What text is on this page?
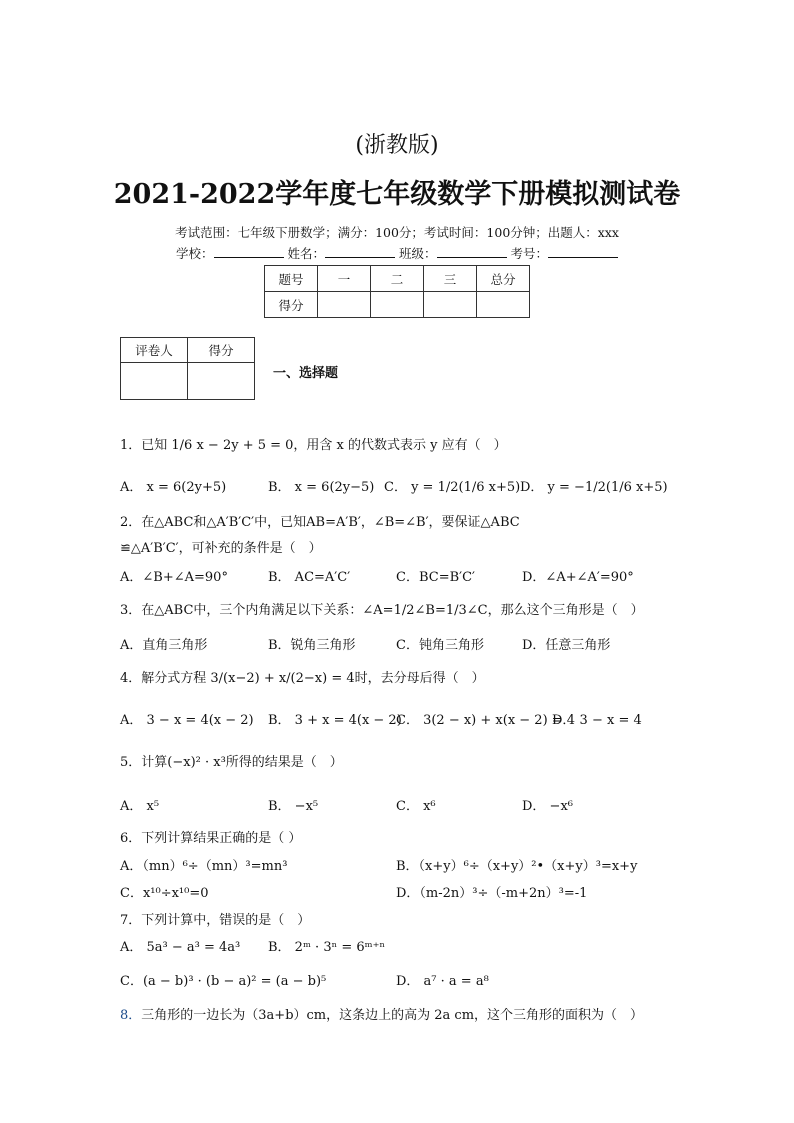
(浙教版)
2021-2022学年度七年级数学下册模拟测试卷
考试范围：七年级下册数学；满分：100分；考试时间：100分钟；出题人：xxx
学校：	姓名：	班级：	考号：
题号	一	二	三	总分
得分				
评卷人	得分

一、选择题
1．已知 1/6 x − 2y + 5 = 0，用含 x 的代数式表示 y 应有（　）
A． x = 6(2y+5)	B． x = 6(2y−5) C． y = 1/2(1/6 x+5) D． y = −1/2(1/6 x+5)
2．在△ABC和△A′B′C′中，已知AB=A′B′，∠B=∠B′，要保证△ABC
≌△A′B′C′，可补充的条件是（　）
A．∠B+∠A=90°	B． AC=A′C′	C．BC=B′C′	D．∠A+∠A′=90°
3．在△ABC中，三个内角满足以下关系：∠A=1/2∠B=1/3∠C，那么这个三角形是（　）
A．直角三角形	B．锐角三角形	C．钝角三角形	D．任意三角形
4．解分式方程 3/(x−2) + x/(2−x) = 4时，去分母后得（　）
A． 3 − x = 4(x − 2) B． 3 + x = 4(x − 2)
C． 3(2 − x) + x(x − 2) = 4
D． 3 − x = 4
5．计算(−x)² · x³所得的结果是（　）
A． x⁵	B． −x⁵	C． x⁶	D． −x⁶
6．下列计算结果正确的是（ ）
A．（mn）⁶÷（mn）³=mn³	B．（x+y）⁶÷（x+y）²•（x+y）³=x+y
C．x¹⁰÷x¹⁰=0	D．（m-2n）³÷（-m+2n）³=-1
7．下列计算中，错误的是（　）
A． 5a³ − a³ = 4a³ B． 2ᵐ · 3ⁿ = 6ᵐ⁺ⁿ
C．(a − b)³ · (b − a)² = (a − b)⁵	D． a⁷ · a = a⁸
8．三角形的一边长为（3a+b）cm，这条边上的高为 2a cm，这个三角形的面积为（　）
